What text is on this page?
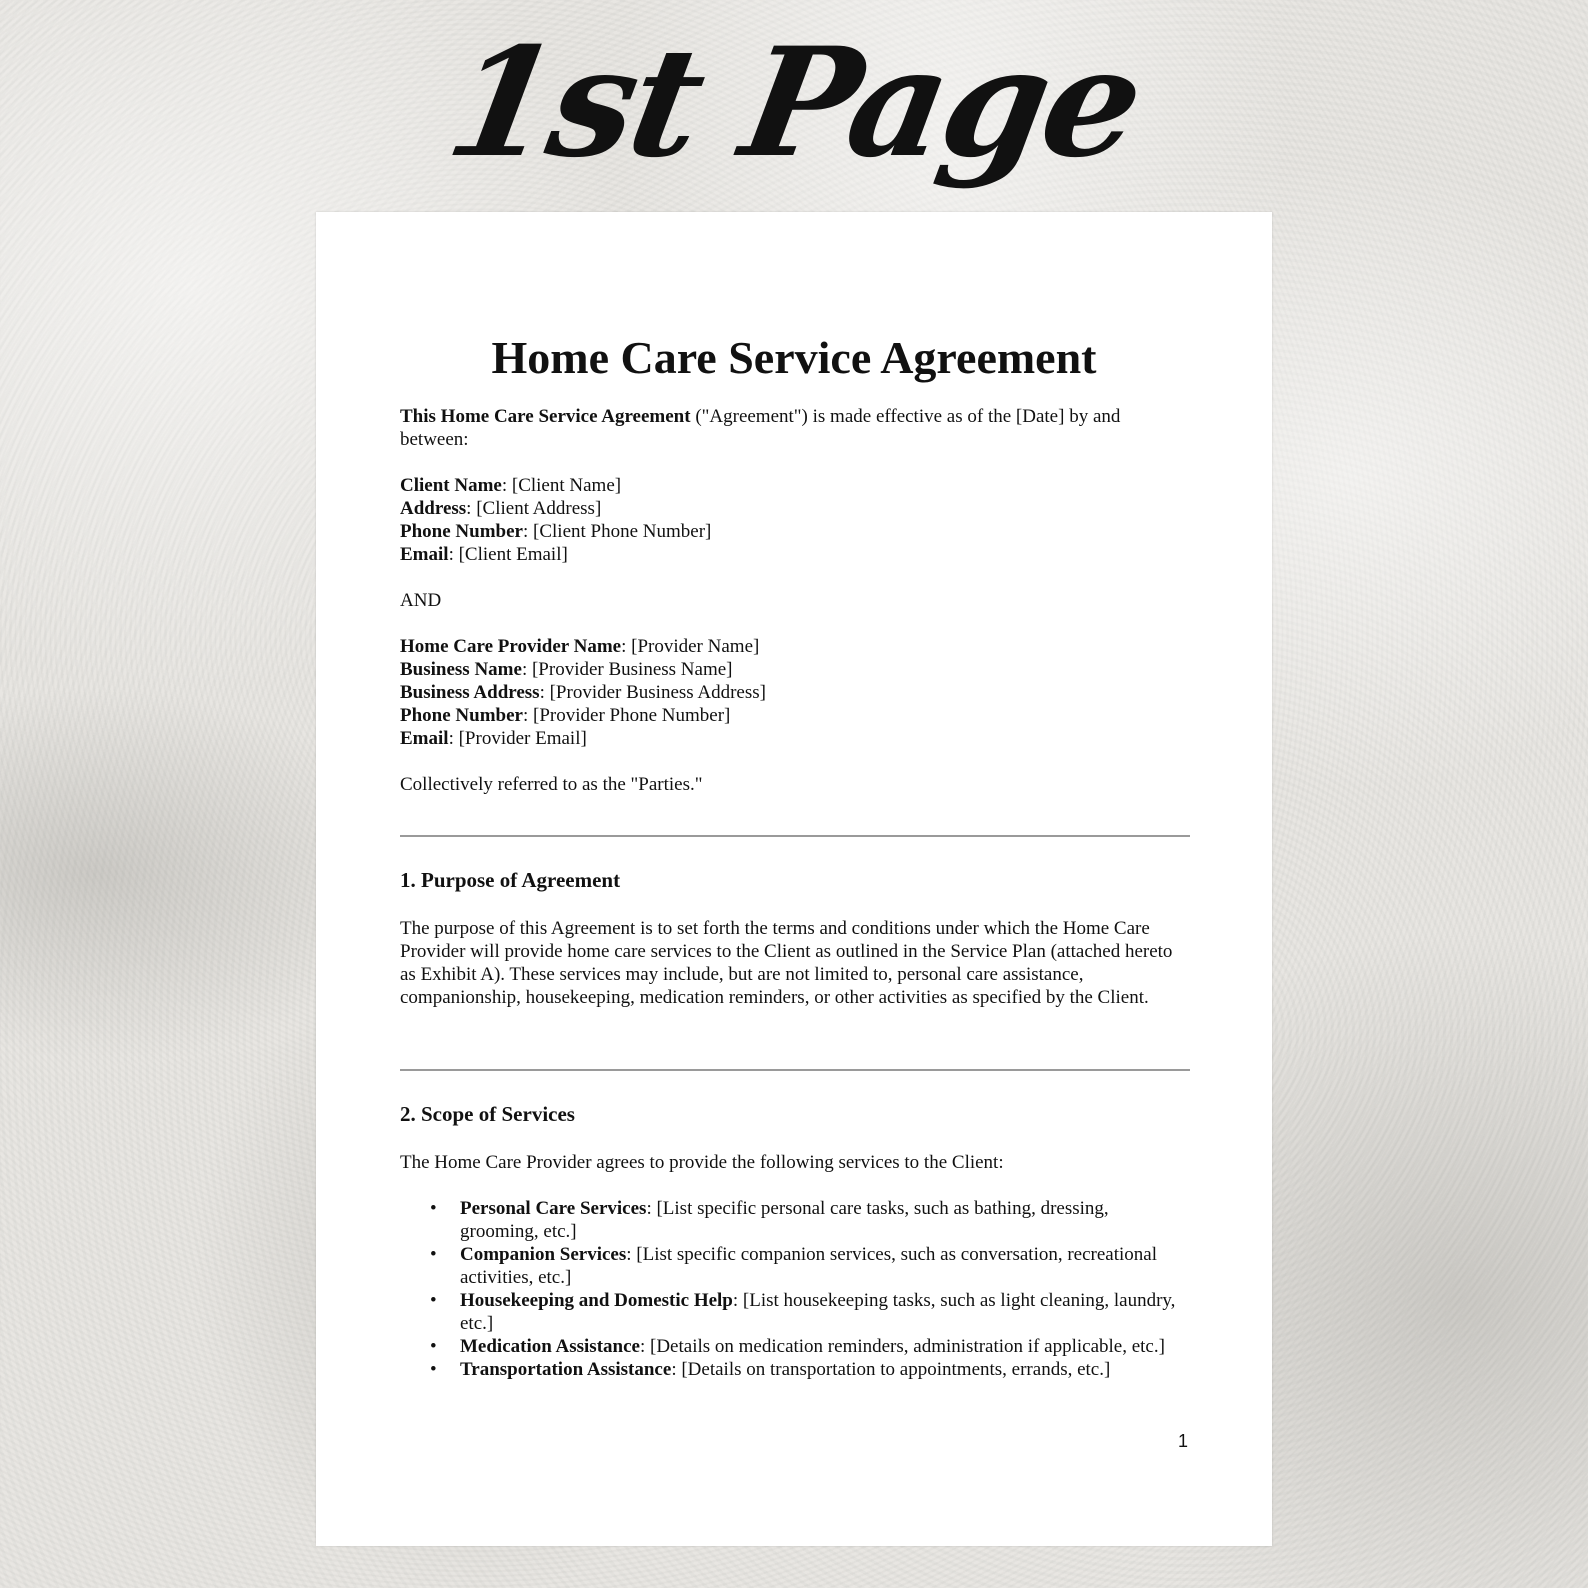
1st Page
Home Care Service Agreement

This Home Care Service Agreement ("Agreement") is made effective as of the [Date] by and between:

Client Name: [Client Name]

Address: [Client Address]

Phone Number: [Client Phone Number]

Email: [Client Email]

AND

Home Care Provider Name: [Provider Name]

Business Name: [Provider Business Name]

Business Address: [Provider Business Address]

Phone Number: [Provider Phone Number]

Email: [Provider Email]

Collectively referred to as the "Parties."

1. Purpose of Agreement

The purpose of this Agreement is to set forth the terms and conditions under which the Home Care Provider will provide home care services to the Client as outlined in the Service Plan (attached hereto as Exhibit A). These services may include, but are not limited to, personal care assistance, companionship, housekeeping, medication reminders, or other activities as specified by the Client.

2. Scope of Services

The Home Care Provider agrees to provide the following services to the Client:

• Personal Care Services: [List specific personal care tasks, such as bathing, dressing, grooming, etc.]
• Companion Services: [List specific companion services, such as conversation, recreational activities, etc.]
• Housekeeping and Domestic Help: [List housekeeping tasks, such as light cleaning, laundry, etc.]
• Medication Assistance: [Details on medication reminders, administration if applicable, etc.]
• Transportation Assistance: [Details on transportation to appointments, errands, etc.]
1
